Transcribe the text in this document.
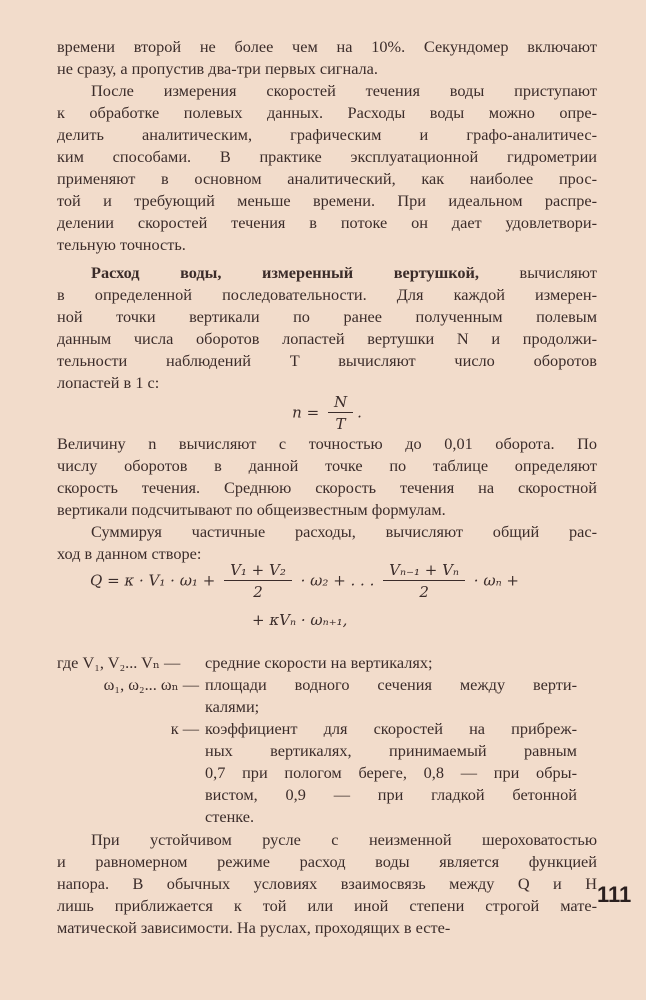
времени второй не более чем на 10%. Секундомер включают
не сразу, а пропустив два-три первых сигнала.
После измерения скоростей течения воды приступают
к обработке полевых данных. Расходы воды можно опре-
делить аналитическим, графическим и графо-аналитичес-
ким способами. В практике эксплуатационной гидрометрии
применяют в основном аналитический, как наиболее прос-
той и требующий меньше времени. При идеальном распре-
делении скоростей течения в потоке он дает удовлетвори-
тельную точность.
Расход воды, измеренный вертушкой, вычисляют
в определенной последовательности. Для каждой измерен-
ной точки вертикали по ранее полученным полевым
данным числа оборотов лопастей вертушки N и продолжи-
тельности наблюдений T вычисляют число оборотов
лопастей в 1 с:
$n = \frac{N}{T}$ .
Величину n вычисляют с точностью до 0,01 оборота. По
числу оборотов в данной точке по таблице определяют
скорость течения. Среднюю скорость течения на скоростной
вертикали подсчитывают по общеизвестным формулам.
Суммируя частичные расходы, вычисляют общий рас-
ход в данном створе:
$Q = \kappa \cdot V_1 \cdot \omega_1 + \frac{\text{V₁ + V₂}}{2} \cdot \omega_2$ + . . . $\frac{\text{Vₙ₋₁ + Vₙ}}{2} \cdot \omega_n$ +
+ κVₙ · ωₙ₊₁,
где V₁, V₂... Vₙ —	средние скорости на вертикалях;
ω₁, ω₂... ωₙ — площади водного сечения между верти-
калями;
к — коэффициент для скоростей на прибреж-
ных вертикалях, принимаемый равным
0,7 при пологом береге, 0,8 — при обры-
вистом, 0,9 — при гладкой бетонной
стенке.
При устойчивом русле с неизменной шероховатостью
и равномерном режиме расход воды является функцией
напора. В обычных условиях взаимосвязь между Q и H
лишь приближается к той или иной степени строгой мате-
матической зависимости. На руслах, проходящих в есте-
111
